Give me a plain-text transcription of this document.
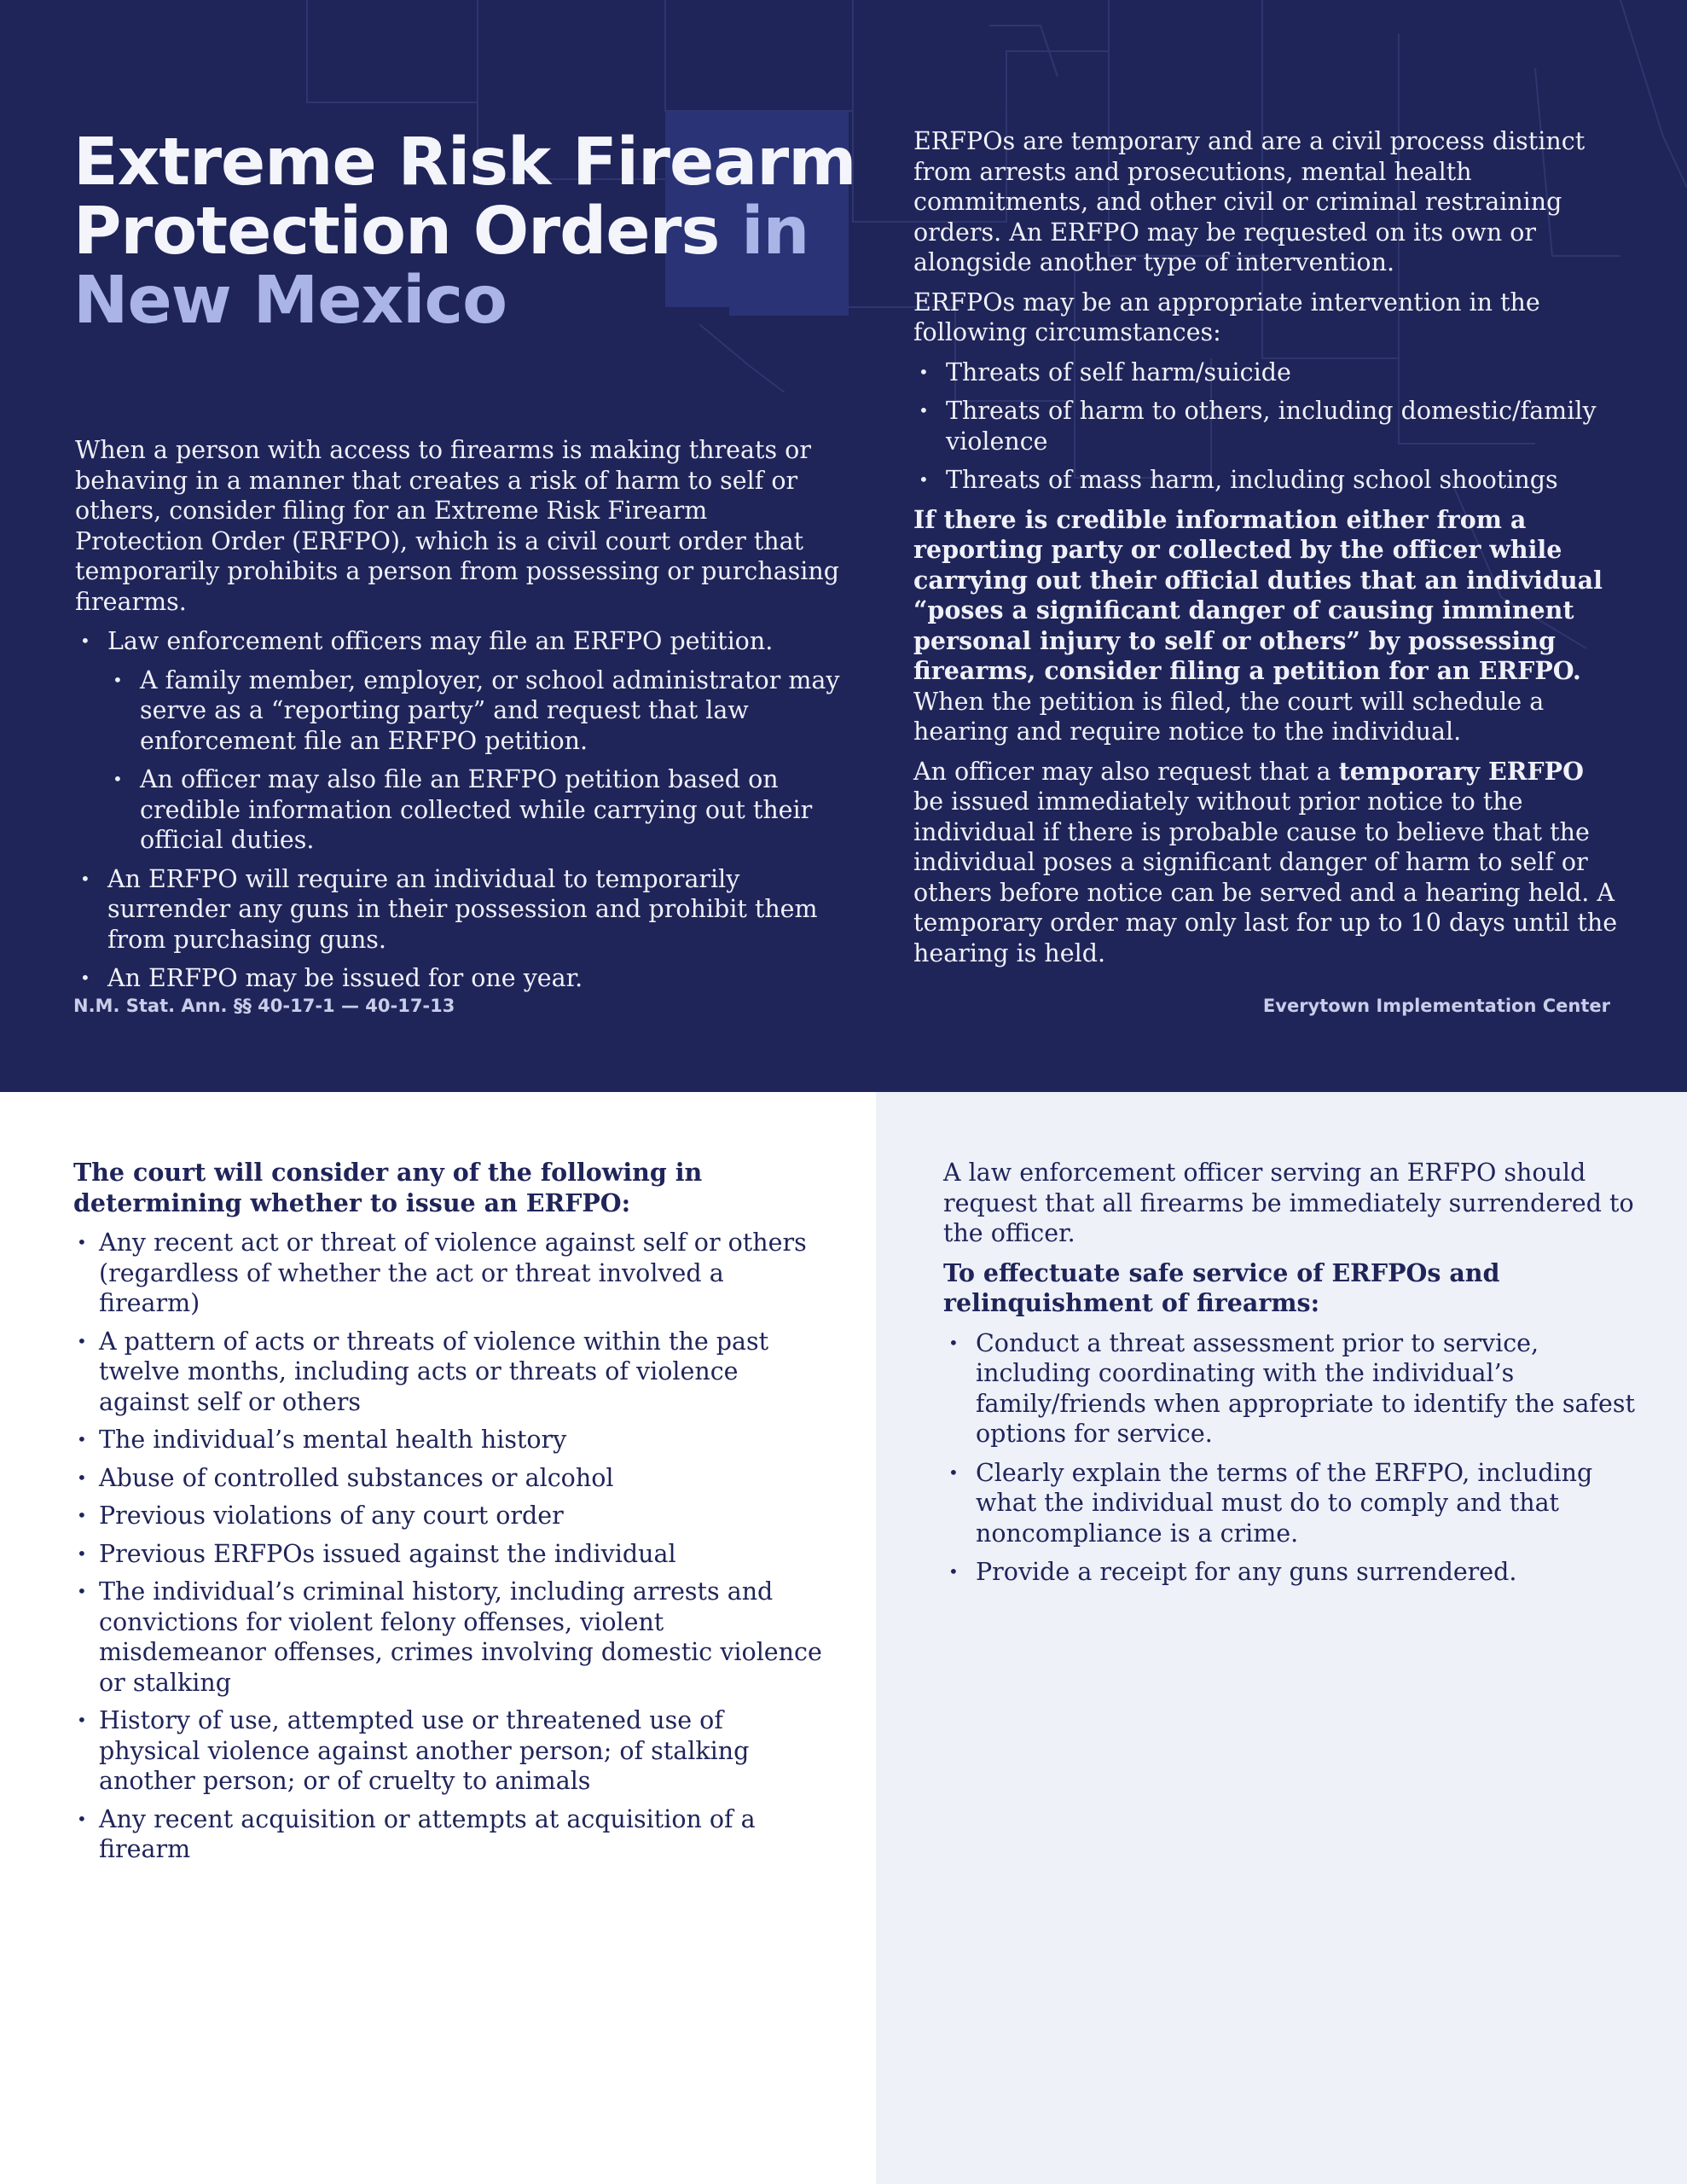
Extreme Risk Firearm Protection Orders in New Mexico

When a person with access to firearms is making threats or behaving in a manner that creates a risk of harm to self or others, consider filing for an Extreme Risk Firearm Protection Order (ERFPO), which is a civil court order that temporarily prohibits a person from possessing or purchasing firearms.

• Law enforcement officers may file an ERFPO petition.
• A family member, employer, or school administrator may serve as a “reporting party” and request that law enforcement file an ERFPO petition.
• An officer may also file an ERFPO petition based on credible information collected while carrying out their official duties.
• An ERFPO will require an individual to temporarily surrender any guns in their possession and prohibit them from purchasing guns.
• An ERFPO may be issued for one year.

ERFPOs are temporary and are a civil process distinct from arrests and prosecutions, mental health commitments, and other civil or criminal restraining orders. An ERFPO may be requested on its own or alongside another type of intervention.

ERFPOs may be an appropriate intervention in the following circumstances:

• Threats of self harm/suicide
• Threats of harm to others, including domestic/family violence
• Threats of mass harm, including school shootings

If there is credible information either from a reporting party or collected by the officer while carrying out their official duties that an individual “poses a significant danger of causing imminent personal injury to self or others” by possessing firearms, consider filing a petition for an ERFPO. When the petition is filed, the court will schedule a hearing and require notice to the individual.

An officer may also request that a temporary ERFPO be issued immediately without prior notice to the individual if there is probable cause to believe that the individual poses a significant danger of harm to self or others before notice can be served and a hearing held. A temporary order may only last for up to 10 days until the hearing is held.

N.M. Stat. Ann. §§ 40-17-1 — 40-17-13	Everytown Implementation Center

The court will consider any of the following in determining whether to issue an ERFPO:

• Any recent act or threat of violence against self or others (regardless of whether the act or threat involved a firearm)
• A pattern of acts or threats of violence within the past twelve months, including acts or threats of violence against self or others
• The individual’s mental health history
• Abuse of controlled substances or alcohol
• Previous violations of any court order
• Previous ERFPOs issued against the individual
• The individual’s criminal history, including arrests and convictions for violent felony offenses, violent misdemeanor offenses, crimes involving domestic violence or stalking
• History of use, attempted use or threatened use of physical violence against another person; of stalking another person; or of cruelty to animals
• Any recent acquisition or attempts at acquisition of a firearm

A law enforcement officer serving an ERFPO should request that all firearms be immediately surrendered to the officer.

To effectuate safe service of ERFPOs and relinquishment of firearms:

• Conduct a threat assessment prior to service, including coordinating with the individual’s family/friends when appropriate to identify the safest options for service.
• Clearly explain the terms of the ERFPO, including what the individual must do to comply and that noncompliance is a crime.
• Provide a receipt for any guns surrendered.
